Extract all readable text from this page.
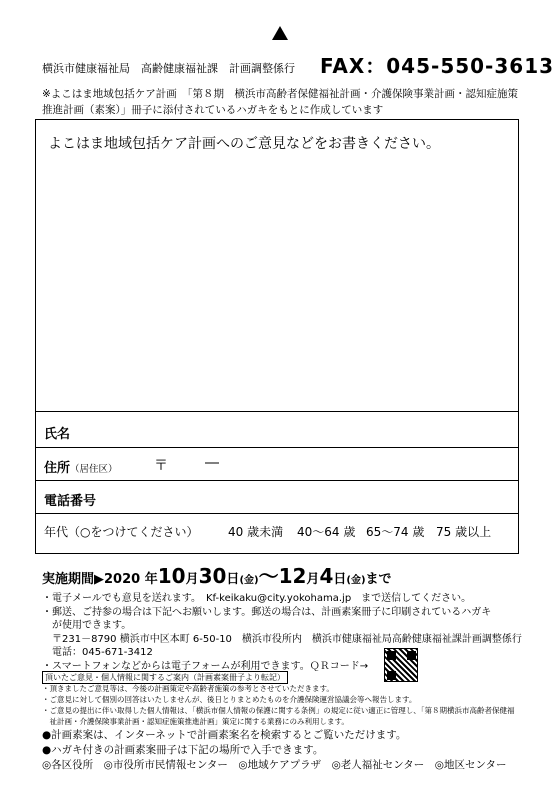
横浜市健康福祉局　高齢健康福祉課　計画調整係行 FAX：045-550-3613
※よこはま地域包括ケア計画　「第８期　横浜市高齢者保健福祉計画・介護保険事業計画・認知症施策推進計画（素案）」冊子に添付されているハガキをもとに作成しています
よこはま地域包括ケア計画へのご意見などをお書きください。
氏名
住所（居住区）	〒	―
電話番号
年代（○をつけてください） 40 歳未満 40～64 歳 65～74 歳 75 歳以上
実施期間▶2020 年10月30日(金)～12月4日(金)まで
・電子メールでも意見を送れます。　Kf-keikaku@city.yokohama.jp　まで送信してください。
・郵送、ご持参の場合は下記へお願いします。郵送の場合は、計画素案冊子に印刷されているハガキ
　が使用できます。
　〒231－8790 横浜市中区本町 6-50-10　横浜市役所内　横浜市健康福祉局高齢健康福祉課計画調整係行
　電話：045-671-3412
・スマートフォンなどからは電子フォームが利用できます。ＱＲコード→
頂いたご意見・個人情報に関するご案内（計画素案冊子より転記）
・頂きましたご意見等は、今後の計画策定や高齢者施策の参考とさせていただきます。
・ご意見に対して個別の回答はいたしませんが、後日とりまとめたものを介護保険運営協議会等へ報告します。
・ご意見の提出に伴い取得した個人情報は、「横浜市個人情報の保護に関する条例」の規定に従い適正に管理し、「第８期横浜市高齢者保健福
　祉計画・介護保険事業計画・認知症施策推進計画」策定に関する業務にのみ利用します。
●計画素案は、インターネットで計画素案名を検索するとご覧いただけます。
●ハガキ付きの計画素案冊子は下記の場所で入手できます。
◎各区役所　◎市役所市民情報センター　◎地域ケアプラザ　◎老人福祉センター　◎地区センター
